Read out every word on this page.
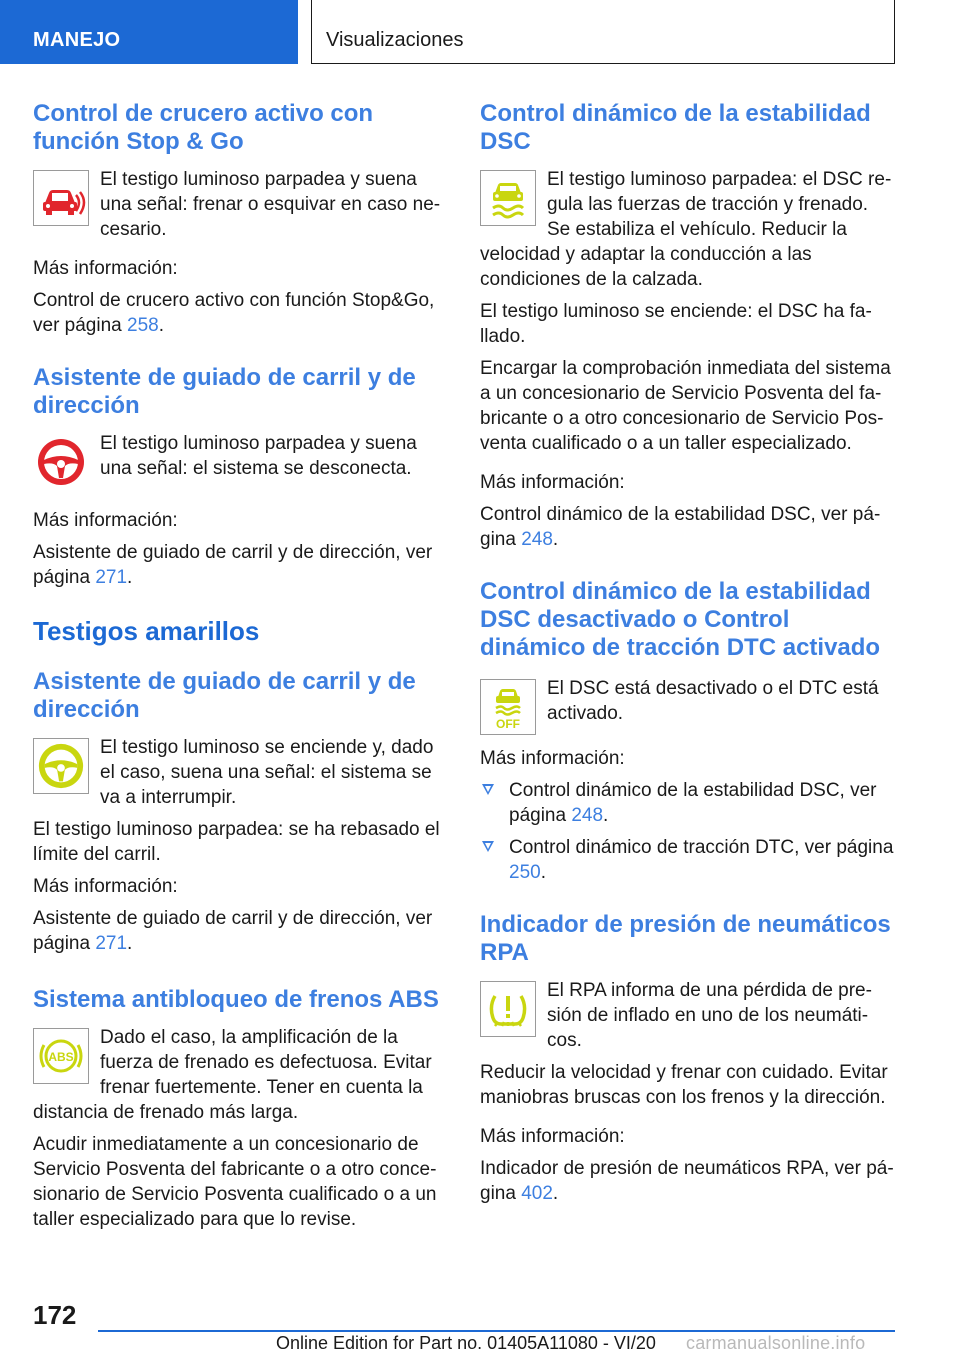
MANEJO	Visualizaciones
Control de crucero activo con
función Stop & Go
El testigo luminoso parpadea y suena una señal: frenar o esquivar en caso necesario.

Más información:

Control de crucero activo con función Stop&Go, ver página 258.

Asistente de guiado de carril y de
dirección
El testigo luminoso parpadea y suena una señal: el sistema se desconecta.

Más información:

Asistente de guiado de carril y de dirección, ver página 271.

Testigos amarillos
Asistente de guiado de carril y de
dirección
El testigo luminoso se enciende y, dado el caso, suena una señal: el sistema se va a interrumpir.

El testigo luminoso parpadea: se ha rebasado el límite del carril.

Más información:

Asistente de guiado de carril y de dirección, ver página 271.

Sistema antibloqueo de frenos ABS
ABS
Dado el caso, la amplificación de la fuerza de frenado es defectuosa. Evitar frenar fuertemente. Tener en cuenta la distancia de frenado más larga.

Acudir inmediatamente a un concesionario de Servicio Posventa del fabricante o a otro concesionario de Servicio Posventa cualificado o a un taller especializado para que lo revise.

Control dinámico de la estabilidad
DSC
El testigo luminoso parpadea: el DSC regula las fuerzas de tracción y frenado. Se estabiliza el vehículo. Reducir la velocidad y adaptar la conducción a las condiciones de la calzada.

El testigo luminoso se enciende: el DSC ha fallado.

Encargar la comprobación inmediata del sistema a un concesionario de Servicio Posventa del fabricante o a otro concesionario de Servicio Posventa cualificado o a un taller especializado.

Más información:

Control dinámico de la estabilidad DSC, ver página 248.

Control dinámico de la estabilidad
DSC desactivado o Control
dinámico de tracción DTC activado
OFF
El DSC está desactivado o el DTC está activado.

Más información:

Control dinámico de la estabilidad DSC, ver página 248.
Control dinámico de tracción DTC, ver página 250.
Indicador de presión de neumáticos
RPA
El RPA informa de una pérdida de presión de inflado en uno de los neumáticos.

Reducir la velocidad y frenar con cuidado. Evitar maniobras bruscas con los frenos y la dirección.

Más información:

Indicador de presión de neumáticos RPA, ver página 402.

172
Online Edition for Part no. 01405A11080 - VI/20 carmanualsonline.info
